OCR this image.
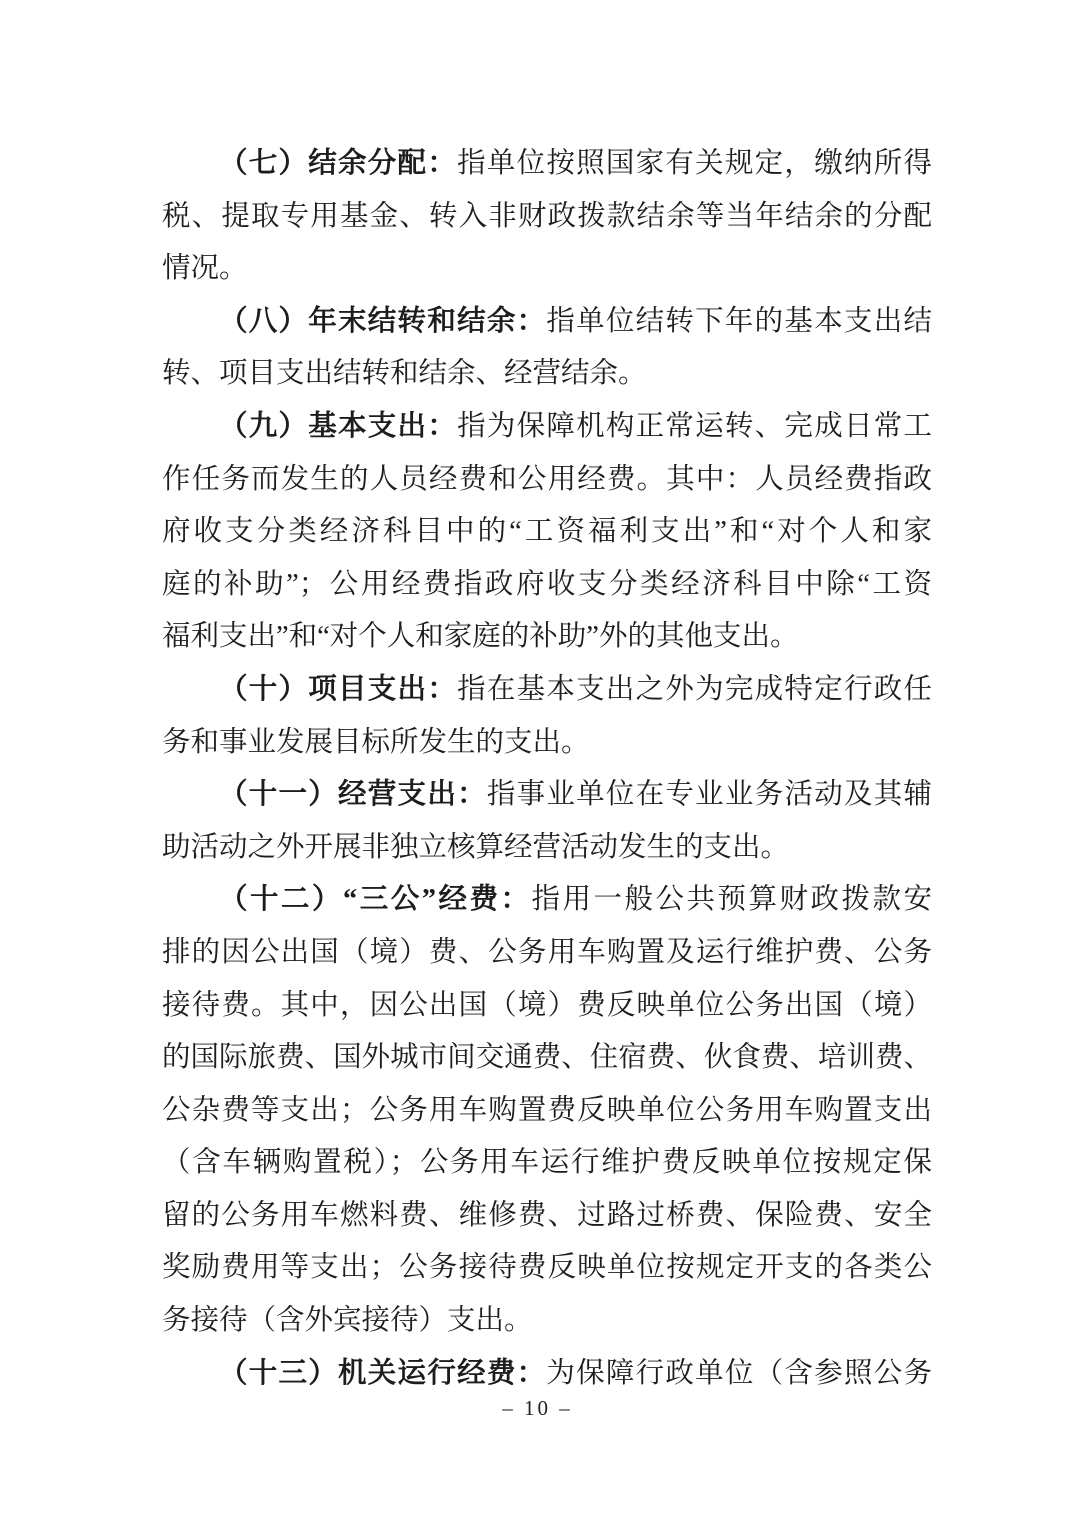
（七）结余分配：指单位按照国家有关规定，缴纳所得
税、提取专用基金、转入非财政拨款结余等当年结余的分配
情况。
（八）年末结转和结余：指单位结转下年的基本支出结
转、项目支出结转和结余、经营结余。
（九）基本支出：指为保障机构正常运转、完成日常工
作任务而发生的人员经费和公用经费。其中：人员经费指政
府收支分类经济科目中的“工资福利支出”和“对个人和家
庭的补助”；公用经费指政府收支分类经济科目中除“工资
福利支出”和“对个人和家庭的补助”外的其他支出。
（十）项目支出：指在基本支出之外为完成特定行政任
务和事业发展目标所发生的支出。
（十一）经营支出：指事业单位在专业业务活动及其辅
助活动之外开展非独立核算经营活动发生的支出。
（十二）“三公”经费：指用一般公共预算财政拨款安
排的因公出国（境）费、公务用车购置及运行维护费、公务
接待费。其中，因公出国（境）费反映单位公务出国（境）
的国际旅费、国外城市间交通费、住宿费、伙食费、培训费、
公杂费等支出；公务用车购置费反映单位公务用车购置支出
（含车辆购置税）；公务用车运行维护费反映单位按规定保
留的公务用车燃料费、维修费、过路过桥费、保险费、安全
奖励费用等支出；公务接待费反映单位按规定开支的各类公
务接待（含外宾接待）支出。
（十三）机关运行经费：为保障行政单位（含参照公务
– 10 –
